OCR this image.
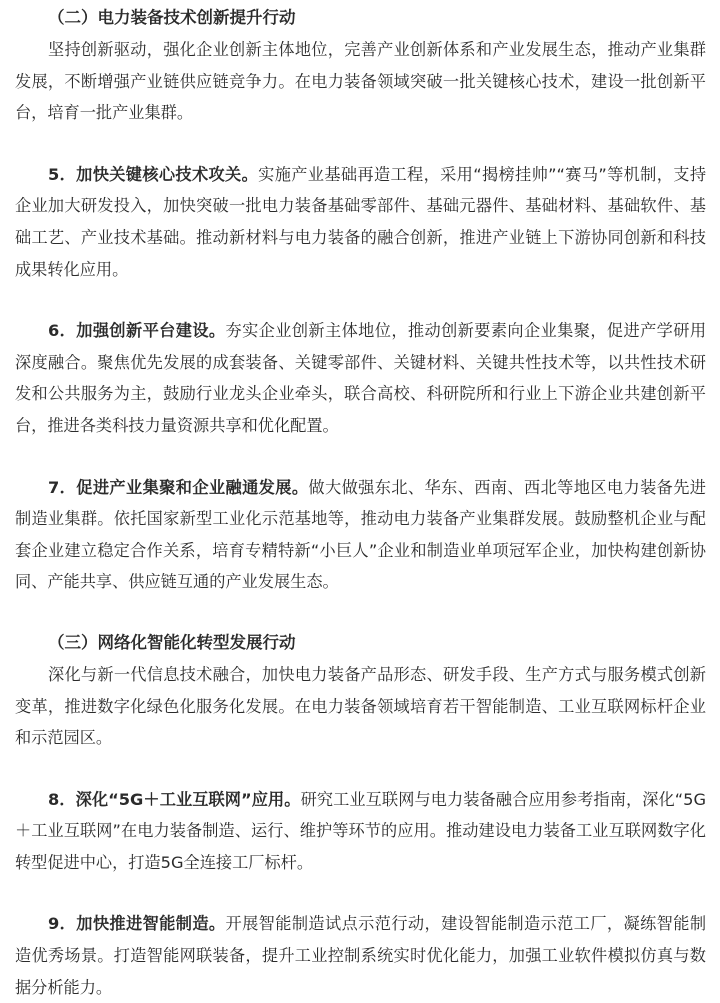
（二）电力装备技术创新提升行动

坚持创新驱动，强化企业创新主体地位，完善产业创新体系和产业发展生态，推动产业集群发展，不断增强产业链供应链竞争力。在电力装备领域突破一批关键核心技术，建设一批创新平台，培育一批产业集群。

5．加快关键核心技术攻关。实施产业基础再造工程，采用“揭榜挂帅”“赛马”等机制，支持企业加大研发投入，加快突破一批电力装备基础零部件、基础元器件、基础材料、基础软件、基础工艺、产业技术基础。推动新材料与电力装备的融合创新，推进产业链上下游协同创新和科技成果转化应用。

6．加强创新平台建设。夯实企业创新主体地位，推动创新要素向企业集聚，促进产学研用深度融合。聚焦优先发展的成套装备、关键零部件、关键材料、关键共性技术等，以共性技术研发和公共服务为主，鼓励行业龙头企业牵头，联合高校、科研院所和行业上下游企业共建创新平台，推进各类科技力量资源共享和优化配置。

7．促进产业集聚和企业融通发展。做大做强东北、华东、西南、西北等地区电力装备先进制造业集群。依托国家新型工业化示范基地等，推动电力装备产业集群发展。鼓励整机企业与配套企业建立稳定合作关系，培育专精特新“小巨人”企业和制造业单项冠军企业，加快构建创新协同、产能共享、供应链互通的产业发展生态。

（三）网络化智能化转型发展行动

深化与新一代信息技术融合，加快电力装备产品形态、研发手段、生产方式与服务模式创新变革，推进数字化绿色化服务化发展。在电力装备领域培育若干智能制造、工业互联网标杆企业和示范园区。

8．深化“5G＋工业互联网”应用。研究工业互联网与电力装备融合应用参考指南，深化“5G＋工业互联网”在电力装备制造、运行、维护等环节的应用。推动建设电力装备工业互联网数字化转型促进中心，打造5G全连接工厂标杆。

9．加快推进智能制造。开展智能制造试点示范行动，建设智能制造示范工厂，凝练智能制造优秀场景。打造智能网联装备，提升工业控制系统实时优化能力，加强工业软件模拟仿真与数据分析能力。
